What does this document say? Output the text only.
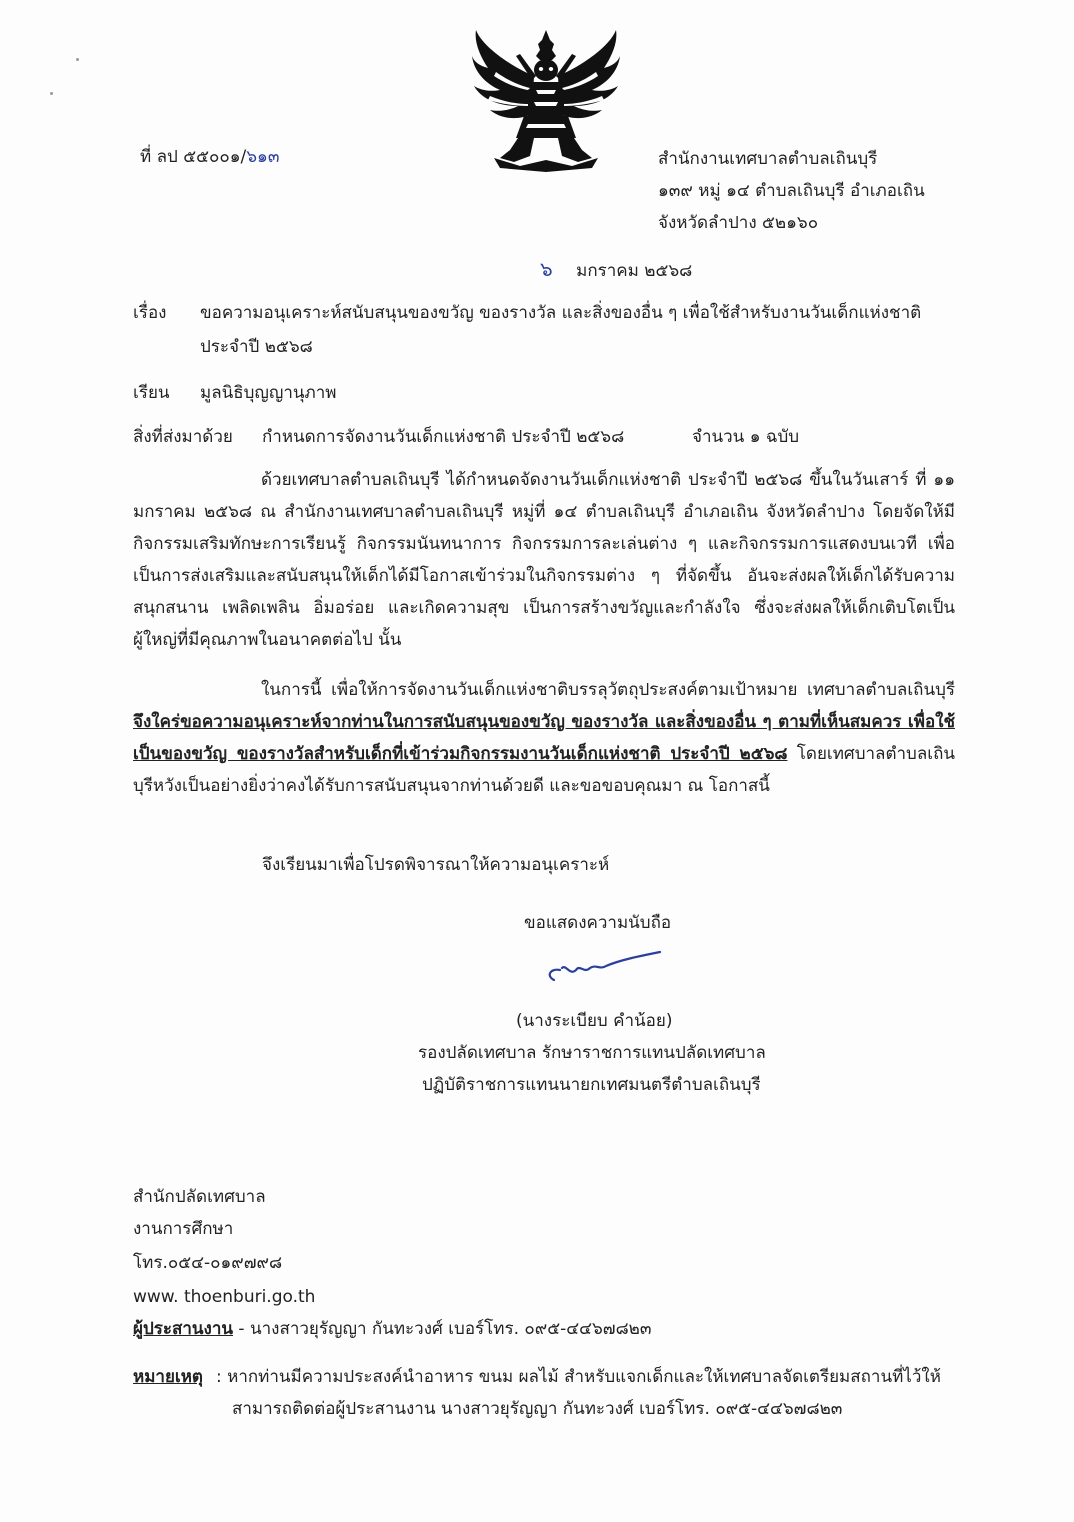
ที่ ลป ๕๕๐๐๑/๖๑๓	สำนักงานเทศบาลตำบลเถินบุรี
๑๓๙ หมู่ ๑๔ ตำบลเถินบุรี อำเภอเถิน
จังหวัดลำปาง ๕๒๑๖๐
๖ มกราคม ๒๕๖๘
เรื่อง ขอความอนุเคราะห์สนับสนุนของขวัญ ของรางวัล และสิ่งของอื่น ๆ เพื่อใช้สำหรับงานวันเด็กแห่งชาติ
ประจำปี ๒๕๖๘
เรียน มูลนิธิบุญญานุภาพ
สิ่งที่ส่งมาด้วย กำหนดการจัดงานวันเด็กแห่งชาติ ประจำปี ๒๕๖๘	จำนวน ๑ ฉบับ
ด้วยเทศบาลตำบลเถินบุรี ได้กำหนดจัดงานวันเด็กแห่งชาติ ประจำปี ๒๕๖๘ ขึ้นในวันเสาร์ ที่ ๑๑ มกราคม ๒๕๖๘ ณ สำนักงานเทศบาลตำบลเถินบุรี หมู่ที่ ๑๔ ตำบลเถินบุรี อำเภอเถิน จังหวัดลำปาง โดยจัดให้มีกิจกรรมเสริมทักษะการเรียนรู้ กิจกรรมนันทนาการ กิจกรรมการละเล่นต่าง ๆ และกิจกรรมการแสดงบนเวที เพื่อเป็นการส่งเสริมและสนับสนุนให้เด็กได้มีโอกาสเข้าร่วมในกิจกรรมต่าง ๆ ที่จัดขึ้น อันจะส่งผลให้เด็กได้รับความสนุกสนาน เพลิดเพลิน อิ่มอร่อย และเกิดความสุข เป็นการสร้างขวัญและกำลังใจ ซึ่งจะส่งผลให้เด็กเติบโตเป็นผู้ใหญ่ที่มีคุณภาพในอนาคตต่อไป นั้น
ในการนี้ เพื่อให้การจัดงานวันเด็กแห่งชาติบรรลุวัตถุประสงค์ตามเป้าหมาย เทศบาลตำบลเถินบุรี จึงใคร่ขอความอนุเคราะห์จากท่านในการสนับสนุนของขวัญ ของรางวัล และสิ่งของอื่น ๆ ตามที่เห็นสมควร เพื่อใช้เป็นของขวัญ ของรางวัลสำหรับเด็กที่เข้าร่วมกิจกรรมงานวันเด็กแห่งชาติ ประจำปี ๒๕๖๘ โดยเทศบาลตำบลเถินบุรีหวังเป็นอย่างยิ่งว่าคงได้รับการสนับสนุนจากท่านด้วยดี และขอขอบคุณมา ณ โอกาสนี้
จึงเรียนมาเพื่อโปรดพิจารณาให้ความอนุเคราะห์
ขอแสดงความนับถือ
(นางระเบียบ คำน้อย)
รองปลัดเทศบาล รักษาราชการแทนปลัดเทศบาล
ปฏิบัติราชการแทนนายกเทศมนตรีตำบลเถินบุรี
สำนักปลัดเทศบาล
งานการศึกษา
โทร.๐๕๔-๐๑๙๗๙๘
www. thoenburi.go.th
ผู้ประสานงาน - นางสาวยุรัญญา กันทะวงศ์ เบอร์โทร. ๐๙๕-๔๔๖๗๘๒๓
หมายเหตุ : หากท่านมีความประสงค์นำอาหาร ขนม ผลไม้ สำหรับแจกเด็กและให้เทศบาลจัดเตรียมสถานที่ไว้ให้
สามารถติดต่อผู้ประสานงาน นางสาวยุรัญญา กันทะวงศ์ เบอร์โทร. ๐๙๕-๔๔๖๗๘๒๓
